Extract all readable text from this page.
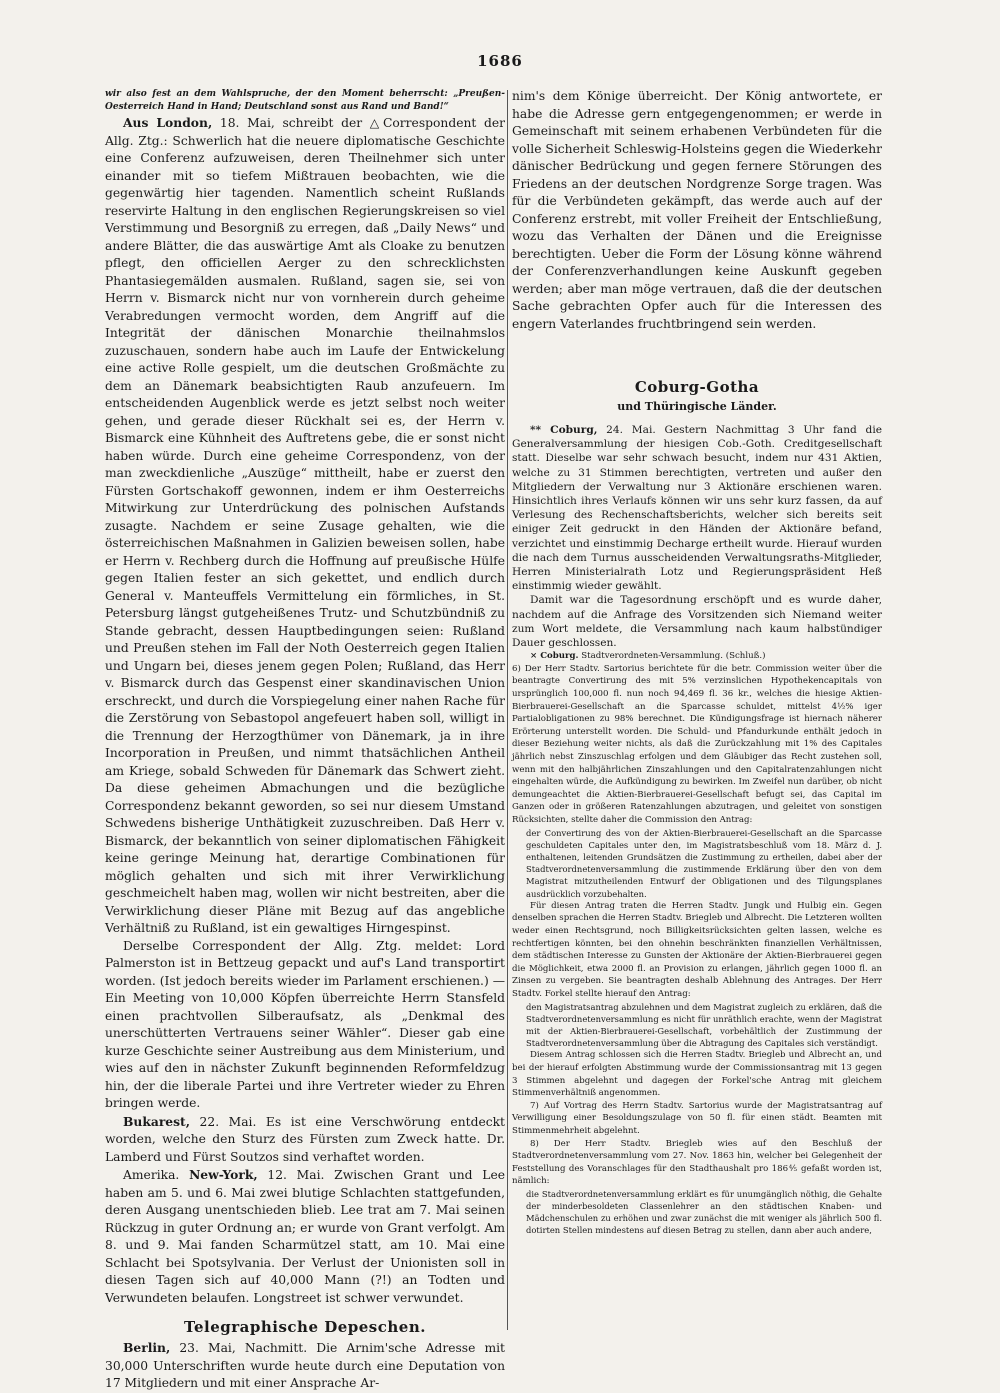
1686

wir also fest an dem Wahlspruche, der den Moment beherrscht: „Preußen-Oesterreich Hand in Hand; Deutschland sonst aus Rand und Band!“

Aus London, 18. Mai, schreibt der △Correspondent der Allg. Ztg.: Schwerlich hat die neuere diplomatische Geschichte eine Conferenz aufzuweisen, deren Theilnehmer sich unter einander mit so tiefem Mißtrauen beobachten, wie die gegenwärtig hier tagenden. Namentlich scheint Rußlands reservirte Haltung in den englischen Regierungskreisen so viel Verstimmung und Besorgniß zu erregen, daß „Daily News“ und andere Blätter, die das auswärtige Amt als Cloake zu benutzen pflegt, den officiellen Aerger zu den schrecklichsten Phantasiegemälden ausmalen. Rußland, sagen sie, sei von Herrn v. Bismarck nicht nur von vornherein durch geheime Verabredungen vermocht worden, dem Angriff auf die Integrität der dänischen Monarchie theilnahmslos zuzuschauen, sondern habe auch im Laufe der Entwickelung eine active Rolle gespielt, um die deutschen Großmächte zu dem an Dänemark beabsichtigten Raub anzufeuern. Im entscheidenden Augenblick werde es jetzt selbst noch weiter gehen, und gerade dieser Rückhalt sei es, der Herrn v. Bismarck eine Kühnheit des Auftretens gebe, die er sonst nicht haben würde. Durch eine geheime Correspondenz, von der man zweckdienliche „Auszüge“ mittheilt, habe er zuerst den Fürsten Gortschakoff gewonnen, indem er ihm Oesterreichs Mitwirkung zur Unterdrückung des polnischen Aufstands zusagte. Nachdem er seine Zusage gehalten, wie die österreichischen Maßnahmen in Galizien beweisen sollen, habe er Herrn v. Rechberg durch die Hoffnung auf preußische Hülfe gegen Italien fester an sich gekettet, und endlich durch General v. Manteuffels Vermittelung ein förmliches, in St. Petersburg längst gutgeheißenes Trutz- und Schutzbündniß zu Stande gebracht, dessen Hauptbedingungen seien: Rußland und Preußen stehen im Fall der Noth Oesterreich gegen Italien und Ungarn bei, dieses jenem gegen Polen; Rußland, das Herr v. Bismarck durch das Gespenst einer skandinavischen Union erschreckt, und durch die Vorspiegelung einer nahen Rache für die Zerstörung von Sebastopol angefeuert haben soll, willigt in die Trennung der Herzogthümer von Dänemark, ja in ihre Incorporation in Preußen, und nimmt thatsächlichen Antheil am Kriege, sobald Schweden für Dänemark das Schwert zieht. Da diese geheimen Abmachungen und die bezügliche Correspondenz bekannt geworden, so sei nur diesem Umstand Schwedens bisherige Unthätigkeit zuzuschreiben. Daß Herr v. Bismarck, der bekanntlich von seiner diplomatischen Fähigkeit keine geringe Meinung hat, derartige Combinationen für möglich gehalten und sich mit ihrer Verwirklichung geschmeichelt haben mag, wollen wir nicht bestreiten, aber die Verwirklichung dieser Pläne mit Bezug auf das angebliche Verhältniß zu Rußland, ist ein gewaltiges Hirngespinst.

Derselbe Correspondent der Allg. Ztg. meldet: Lord Palmerston ist in Bettzeug gepackt und auf's Land transportirt worden. (Ist jedoch bereits wieder im Parlament erschienen.) — Ein Meeting von 10,000 Köpfen überreichte Herrn Stansfeld einen prachtvollen Silberaufsatz, als „Denkmal des unerschütterten Vertrauens seiner Wähler“. Dieser gab eine kurze Geschichte seiner Austreibung aus dem Ministerium, und wies auf den in nächster Zukunft beginnenden Reformfeldzug hin, der die liberale Partei und ihre Vertreter wieder zu Ehren bringen werde.

Bukarest, 22. Mai. Es ist eine Verschwörung entdeckt worden, welche den Sturz des Fürsten zum Zweck hatte. Dr. Lamberd und Fürst Soutzos sind verhaftet worden.

Amerika. New-York, 12. Mai. Zwischen Grant und Lee haben am 5. und 6. Mai zwei blutige Schlachten stattgefunden, deren Ausgang unentschieden blieb. Lee trat am 7. Mai seinen Rückzug in guter Ordnung an; er wurde von Grant verfolgt. Am 8. und 9. Mai fanden Scharmützel statt, am 10. Mai eine Schlacht bei Spotsylvania. Der Verlust der Unionisten soll in diesen Tagen sich auf 40,000 Mann (?!) an Todten und Verwundeten belaufen. Longstreet ist schwer verwundet.

Telegraphische Depeschen.

Berlin, 23. Mai, Nachmitt. Die Arnim'sche Adresse mit 30,000 Unterschriften wurde heute durch eine Deputation von 17 Mitgliedern und mit einer Ansprache Ar-

nim's dem Könige überreicht. Der König antwortete, er habe die Adresse gern entgegengenommen; er werde in Gemeinschaft mit seinem erhabenen Verbündeten für die volle Sicherheit Schleswig-Holsteins gegen die Wiederkehr dänischer Bedrückung und gegen fernere Störungen des Friedens an der deutschen Nordgrenze Sorge tragen. Was für die Verbündeten gekämpft, das werde auch auf der Conferenz erstrebt, mit voller Freiheit der Entschließung, wozu das Verhalten der Dänen und die Ereignisse berechtigten. Ueber die Form der Lösung könne während der Conferenzverhandlungen keine Auskunft gegeben werden; aber man möge vertrauen, daß die der deutschen Sache gebrachten Opfer auch für die Interessen des engern Vaterlandes fruchtbringend sein werden.

Coburg-Gotha
und Thüringische Länder.

** Coburg, 24. Mai. Gestern Nachmittag 3 Uhr fand die Generalversammlung der hiesigen Cob.-Goth. Creditgesellschaft statt. Dieselbe war sehr schwach besucht, indem nur 431 Aktien, welche zu 31 Stimmen berechtigten, vertreten und außer den Mitgliedern der Verwaltung nur 3 Aktionäre erschienen waren. Hinsichtlich ihres Verlaufs können wir uns sehr kurz fassen, da auf Verlesung des Rechenschaftsberichts, welcher sich bereits seit einiger Zeit gedruckt in den Händen der Aktionäre befand, verzichtet und einstimmig Decharge ertheilt wurde. Hierauf wurden die nach dem Turnus ausscheidenden Verwaltungsraths-Mitglieder, Herren Ministerialrath Lotz und Regierungspräsident Heß einstimmig wieder gewählt.

Damit war die Tagesordnung erschöpft und es wurde daher, nachdem auf die Anfrage des Vorsitzenden sich Niemand weiter zum Wort meldete, die Versammlung nach kaum halbstündiger Dauer geschlossen.

× Coburg. Stadtverordneten-Versammlung. (Schluß.)

6) Der Herr Stadtv. Sartorius berichtete für die betr. Commission weiter über die beantragte Convertirung des mit 5% verzinslichen Hypothekencapitals von ursprünglich 100,000 fl. nun noch 94,469 fl. 36 kr., welches die hiesige Aktien-Bierbrauerei-Gesellschaft an die Sparcasse schuldet, mittelst 4½% iger Partialobligationen zu 98% berechnet. Die Kündigungsfrage ist hiernach näherer Erörterung unterstellt worden. Die Schuld- und Pfandurkunde enthält jedoch in dieser Beziehung weiter nichts, als daß die Zurückzahlung mit 1% des Capitales jährlich nebst Zinszuschlag erfolgen und dem Gläubiger das Recht zustehen soll, wenn mit den halbjährlichen Zinszahlungen und den Capitalratenzahlungen nicht eingehalten würde, die Aufkündigung zu bewirken. Im Zweifel nun darüber, ob nicht demungeachtet die Aktien-Bierbrauerei-Gesellschaft befugt sei, das Capital im Ganzen oder in größeren Ratenzahlungen abzutragen, und geleitet von sonstigen Rücksichten, stellte daher die Commission den Antrag:

der Convertirung des von der Aktien-Bierbrauerei-Gesellschaft an die Sparcasse geschuldeten Capitales unter den, im Magistratsbeschluß vom 18. März d. J. enthaltenen, leitenden Grundsätzen die Zustimmung zu ertheilen, dabei aber der Stadtverordnetenversammlung die zustimmende Erklärung über den von dem Magistrat mitzutheilenden Entwurf der Obligationen und des Tilgungsplanes ausdrücklich vorzubehalten.

Für diesen Antrag traten die Herren Stadtv. Jungk und Hulbig ein. Gegen denselben sprachen die Herren Stadtv. Briegleb und Albrecht. Die Letzteren wollten weder einen Rechtsgrund, noch Billigkeitsrücksichten gelten lassen, welche es rechtfertigen könnten, bei den ohnehin beschränkten finanziellen Verhältnissen, dem städtischen Interesse zu Gunsten der Aktionäre der Aktien-Bierbrauerei gegen die Möglichkeit, etwa 2000 fl. an Provision zu erlangen, jährlich gegen 1000 fl. an Zinsen zu vergeben. Sie beantragten deshalb Ablehnung des Antrages. Der Herr Stadtv. Forkel stellte hierauf den Antrag:

den Magistratsantrag abzulehnen und dem Magistrat zugleich zu erklären, daß die Stadtverordnetenversammlung es nicht für unräthlich erachte, wenn der Magistrat mit der Aktien-Bierbrauerei-Gesellschaft, vorbehältlich der Zustimmung der Stadtverordnetenversammlung über die Abtragung des Capitales sich verständigt.

Diesem Antrag schlossen sich die Herren Stadtv. Briegleb und Albrecht an, und bei der hierauf erfolgten Abstimmung wurde der Commissionsantrag mit 13 gegen 3 Stimmen abgelehnt und dagegen der Forkel'sche Antrag mit gleichem Stimmenverhältniß angenommen.

7) Auf Vortrag des Herrn Stadtv. Sartorius wurde der Magistratsantrag auf Verwilligung einer Besoldungszulage von 50 fl. für einen städt. Beamten mit Stimmenmehrheit abgelehnt.

8) Der Herr Stadtv. Briegleb wies auf den Beschluß der Stadtverordnetenversammlung vom 27. Nov. 1863 hin, welcher bei Gelegenheit der Feststellung des Voranschlages für den Stadthaushalt pro 186⅘ gefaßt worden ist, nämlich:

die Stadtverordnetenversammlung erklärt es für unumgänglich nöthig, die Gehalte der minderbesoldeten Classenlehrer an den städtischen Knaben- und Mädchenschulen zu erhöhen und zwar zunächst die mit weniger als jährlich 500 fl. dotirten Stellen mindestens auf diesen Betrag zu stellen, dann aber auch andere,
